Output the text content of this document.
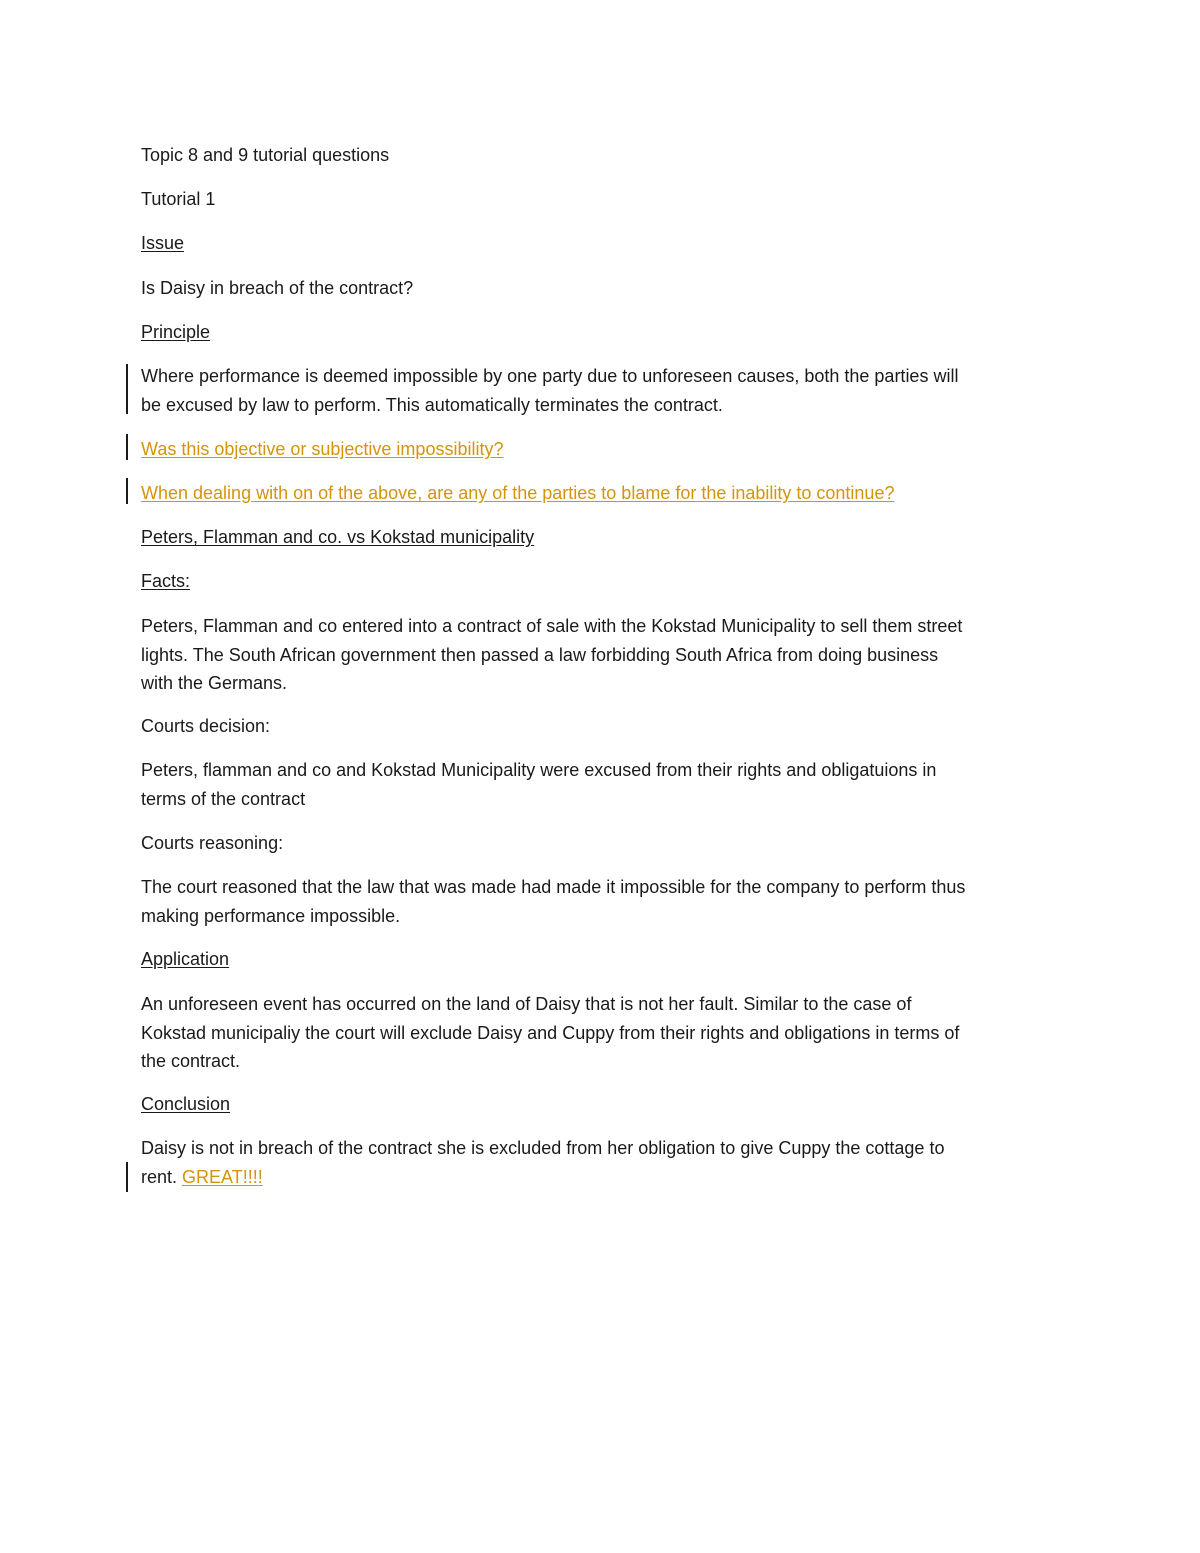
Topic 8 and 9 tutorial questions

Tutorial 1

Issue

Is Daisy in breach of the contract?

Principle

Where performance is deemed impossible by one party due to unforeseen causes, both the parties will
be excused by law to perform. This automatically terminates the contract.

Was this objective or subjective impossibility?

When dealing with on of the above, are any of the parties to blame for the inability to continue?

Peters, Flamman and co. vs Kokstad municipality

Facts:

Peters, Flamman and co entered into a contract of sale with the Kokstad Municipality to sell them street
lights. The South African government then passed a law forbidding South Africa from doing business
with the Germans.

Courts decision:

Peters, flamman and co and Kokstad Municipality were excused from their rights and obligatuions in
terms of the contract

Courts reasoning:

The court reasoned that the law that was made had made it impossible for the company to perform thus
making performance impossible.

Application

An unforeseen event has occurred on the land of Daisy that is not her fault. Similar to the case of
Kokstad municipaliy the court will exclude Daisy and Cuppy from their rights and obligations in terms of
the contract.

Conclusion

Daisy is not in breach of the contract she is excluded from her obligation to give Cuppy the cottage to
rent. GREAT!!!!
